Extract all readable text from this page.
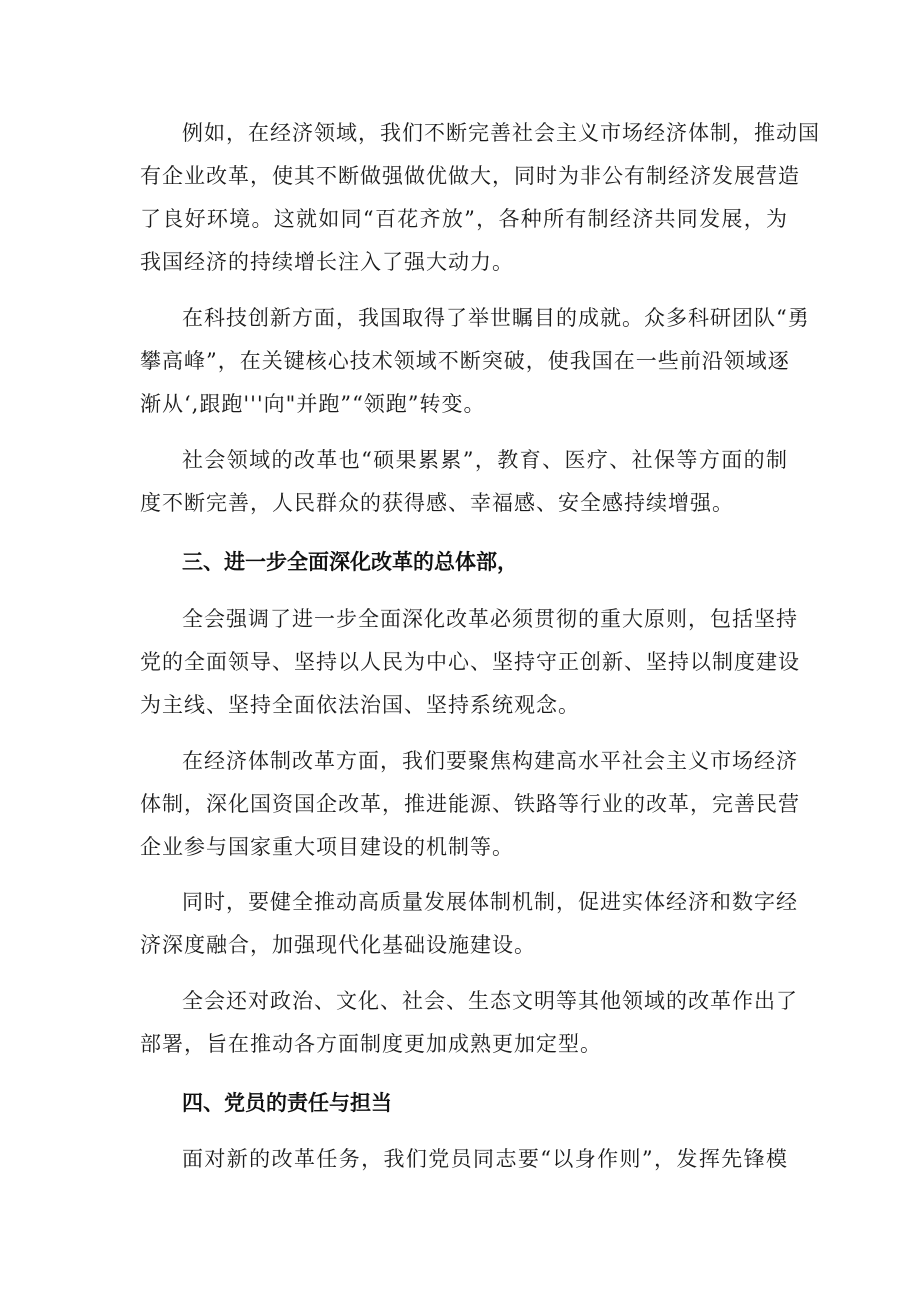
例如，在经济领域，我们不断完善社会主义市场经济体制，推动国

有企业改革，使其不断做强做优做大，同时为非公有制经济发展营造

了良好环境。这就如同“百花齐放”，各种所有制经济共同发展，为

我国经济的持续增长注入了强大动力。

在科技创新方面，我国取得了举世瞩目的成就。众多科研团队“勇

攀高峰”，在关键核心技术领域不断突破，使我国在一些前沿领域逐

渐从‘,跟跑'''向"并跑”“领跑”转变。

社会领域的改革也“硕果累累”，教育、医疗、社保等方面的制

度不断完善，人民群众的获得感、幸福感、安全感持续增强。

三、进一步全面深化改革的总体部，

全会强调了进一步全面深化改革必须贯彻的重大原则，包括坚持

党的全面领导、坚持以人民为中心、坚持守正创新、坚持以制度建设

为主线、坚持全面依法治国、坚持系统观念。

在经济体制改革方面，我们要聚焦构建高水平社会主义市场经济

体制，深化国资国企改革，推进能源、铁路等行业的改革，完善民营

企业参与国家重大项目建设的机制等。

同时，要健全推动高质量发展体制机制，促进实体经济和数字经

济深度融合，加强现代化基础设施建设。

全会还对政治、文化、社会、生态文明等其他领域的改革作出了

部署，旨在推动各方面制度更加成熟更加定型。

四、党员的责任与担当

面对新的改革任务，我们党员同志要“以身作则”，发挥先锋模
